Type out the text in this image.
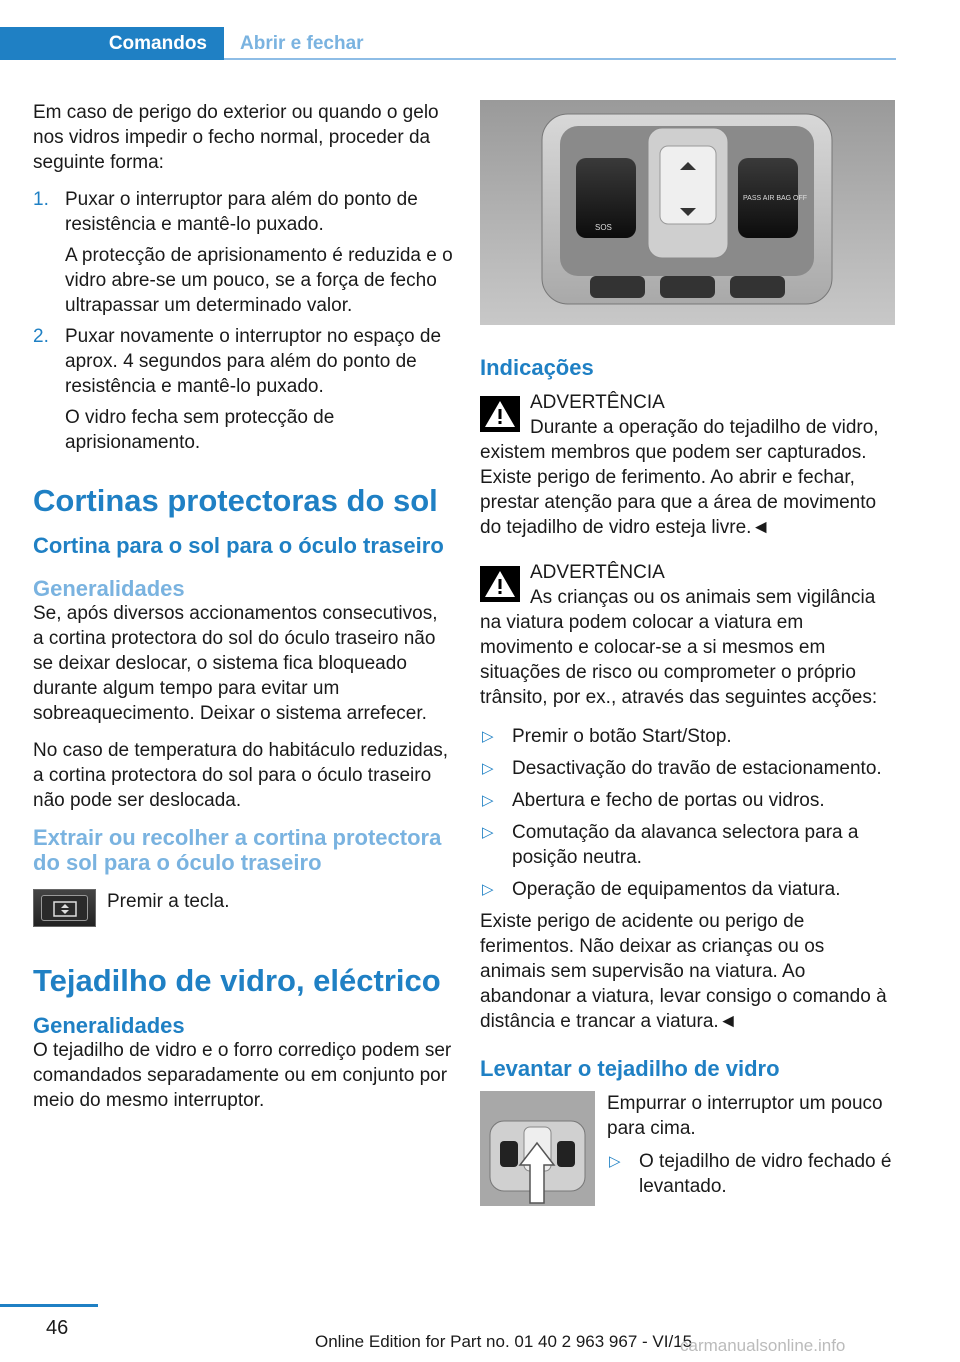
Comandos	Abrir e fechar

Em caso de perigo do exterior ou quando o gelo nos vidros impedir o fecho normal, proceder da seguinte forma:

1. Puxar o interruptor para além do ponto de resistência e mantê-lo puxado.

A protecção de aprisionamento é reduzida e o vidro abre-se um pouco, se a força de fecho ultrapassar um determinado valor.

2. Puxar novamente o interruptor no espaço de aprox. 4 segundos para além do ponto de resistência e mantê-lo puxado.

O vidro fecha sem protecção de aprisionamento.

Cortinas protectoras do sol
Cortina para o sol para o óculo traseiro
Generalidades

Se, após diversos accionamentos consecutivos, a cortina protectora do sol do óculo traseiro não se deixar deslocar, o sistema fica bloqueado durante algum tempo para evitar um sobreaquecimento. Deixar o sistema arrefecer.

No caso de temperatura do habitáculo reduzidas, a cortina protectora do sol para o óculo traseiro não pode ser deslocada.

Extrair ou recolher a cortina protectora do sol para o óculo traseiro
Premir a tecla.
Tejadilho de vidro, eléctrico
Generalidades

O tejadilho de vidro e o forro corrediço podem ser comandados separadamente ou em conjunto por meio do mesmo interruptor.

SOS
PASS AIR BAG OFF
Indicações
ADVERTÊNCIA
Durante a operação do tejadilho de vidro, existem membros que podem ser capturados. Existe perigo de ferimento. Ao abrir e fechar, prestar atenção para que a área de movimento do tejadilho de vidro esteja livre.◄
ADVERTÊNCIA
As crianças ou os animais sem vigilância na viatura podem colocar a viatura em movimento e colocar-se a si mesmos em situações de risco ou comprometer o próprio trânsito, por ex., através das seguintes acções:
▷ Premir o botão Start/Stop.
▷ Desactivação do travão de estacionamento.
▷ Abertura e fecho de portas ou vidros.
▷ Comutação da alavanca selectora para a posição neutra.
▷ Operação de equipamentos da viatura.

Existe perigo de acidente ou perigo de ferimentos. Não deixar as crianças ou os animais sem supervisão na viatura. Ao abandonar a viatura, levar consigo o comando à distância e trancar a viatura.◄

Levantar o tejadilho de vidro

Empurrar o interruptor um pouco para cima.

▷ O tejadilho de vidro fechado é levantado.
46
Online Edition for Part no. 01 40 2 963 967 - VI/15
carmanualsonline.info
